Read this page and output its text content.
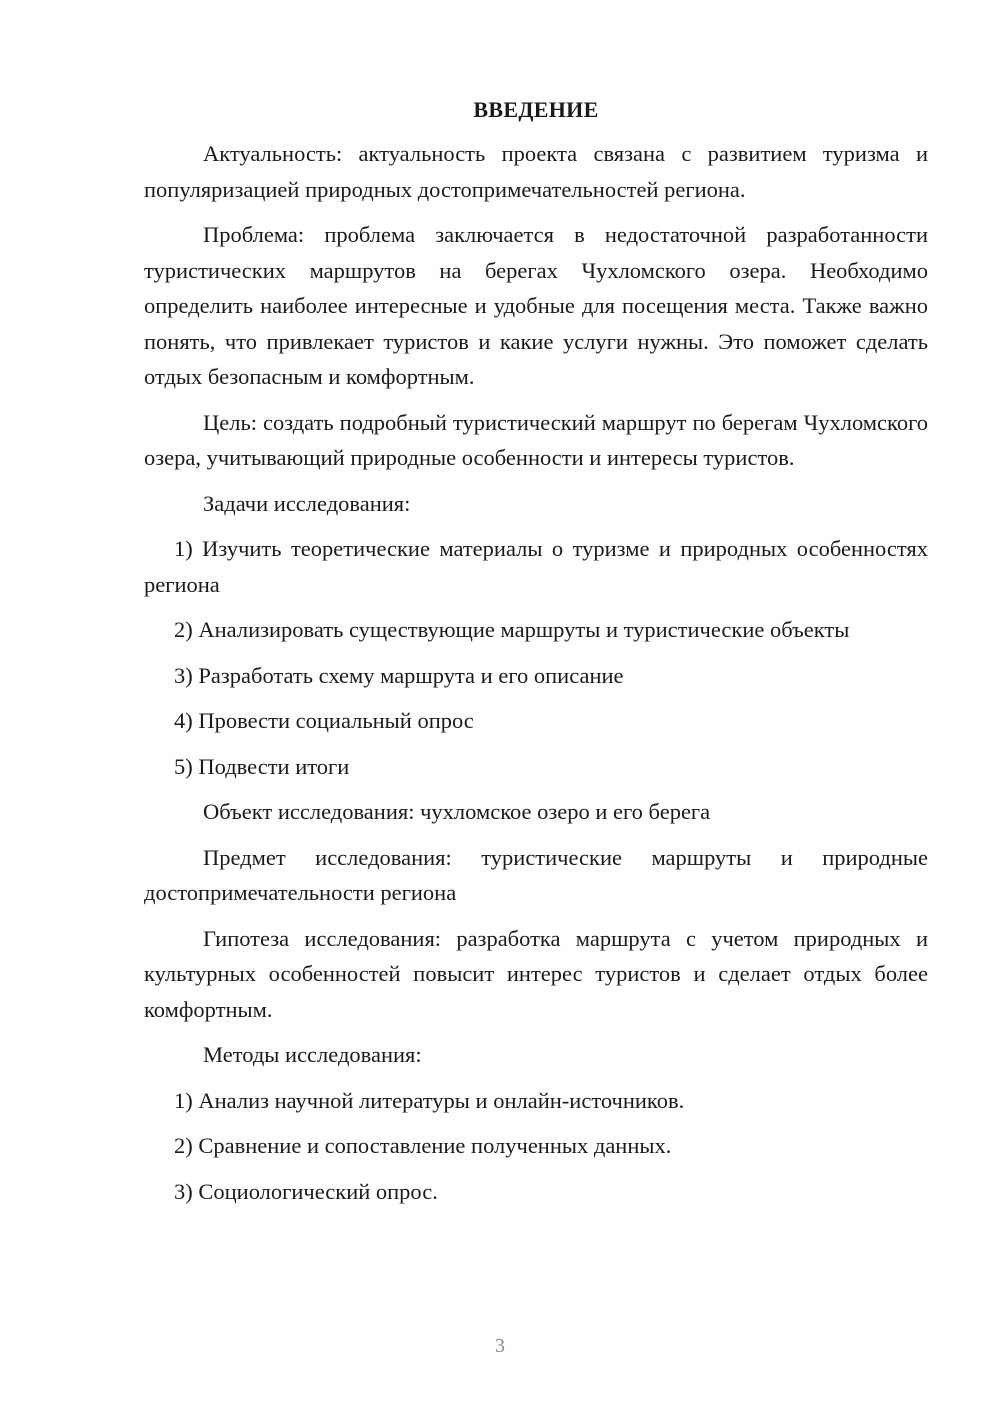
ВВЕДЕНИЕ

Актуальность: актуальность проекта связана с развитием туризма и популяризацией природных достопримечательностей региона.

Проблема: проблема заключается в недостаточной разработанности туристических маршрутов на берегах Чухломского озера. Необходимо определить наиболее интересные и удобные для посещения места. Также важно понять, что привлекает туристов и какие услуги нужны. Это поможет сделать отдых безопасным и комфортным.

Цель: создать подробный туристический маршрут по берегам Чухломского озера, учитывающий природные особенности и интересы туристов.

Задачи исследования:

1) Изучить теоретические материалы о туризме и природных особенностях региона

2) Анализировать существующие маршруты и туристические объекты

3) Разработать схему маршрута и его описание

4) Провести социальный опрос

5) Подвести итоги

Объект исследования: чухломское озеро и его берега

Предмет исследования: туристические маршруты и природные достопримечательности региона

Гипотеза исследования: разработка маршрута с учетом природных и культурных особенностей повысит интерес туристов и сделает отдых более комфортным.

Методы исследования:

1) Анализ научной литературы и онлайн-источников.

2) Сравнение и сопоставление полученных данных.

3) Социологический опрос.

3
